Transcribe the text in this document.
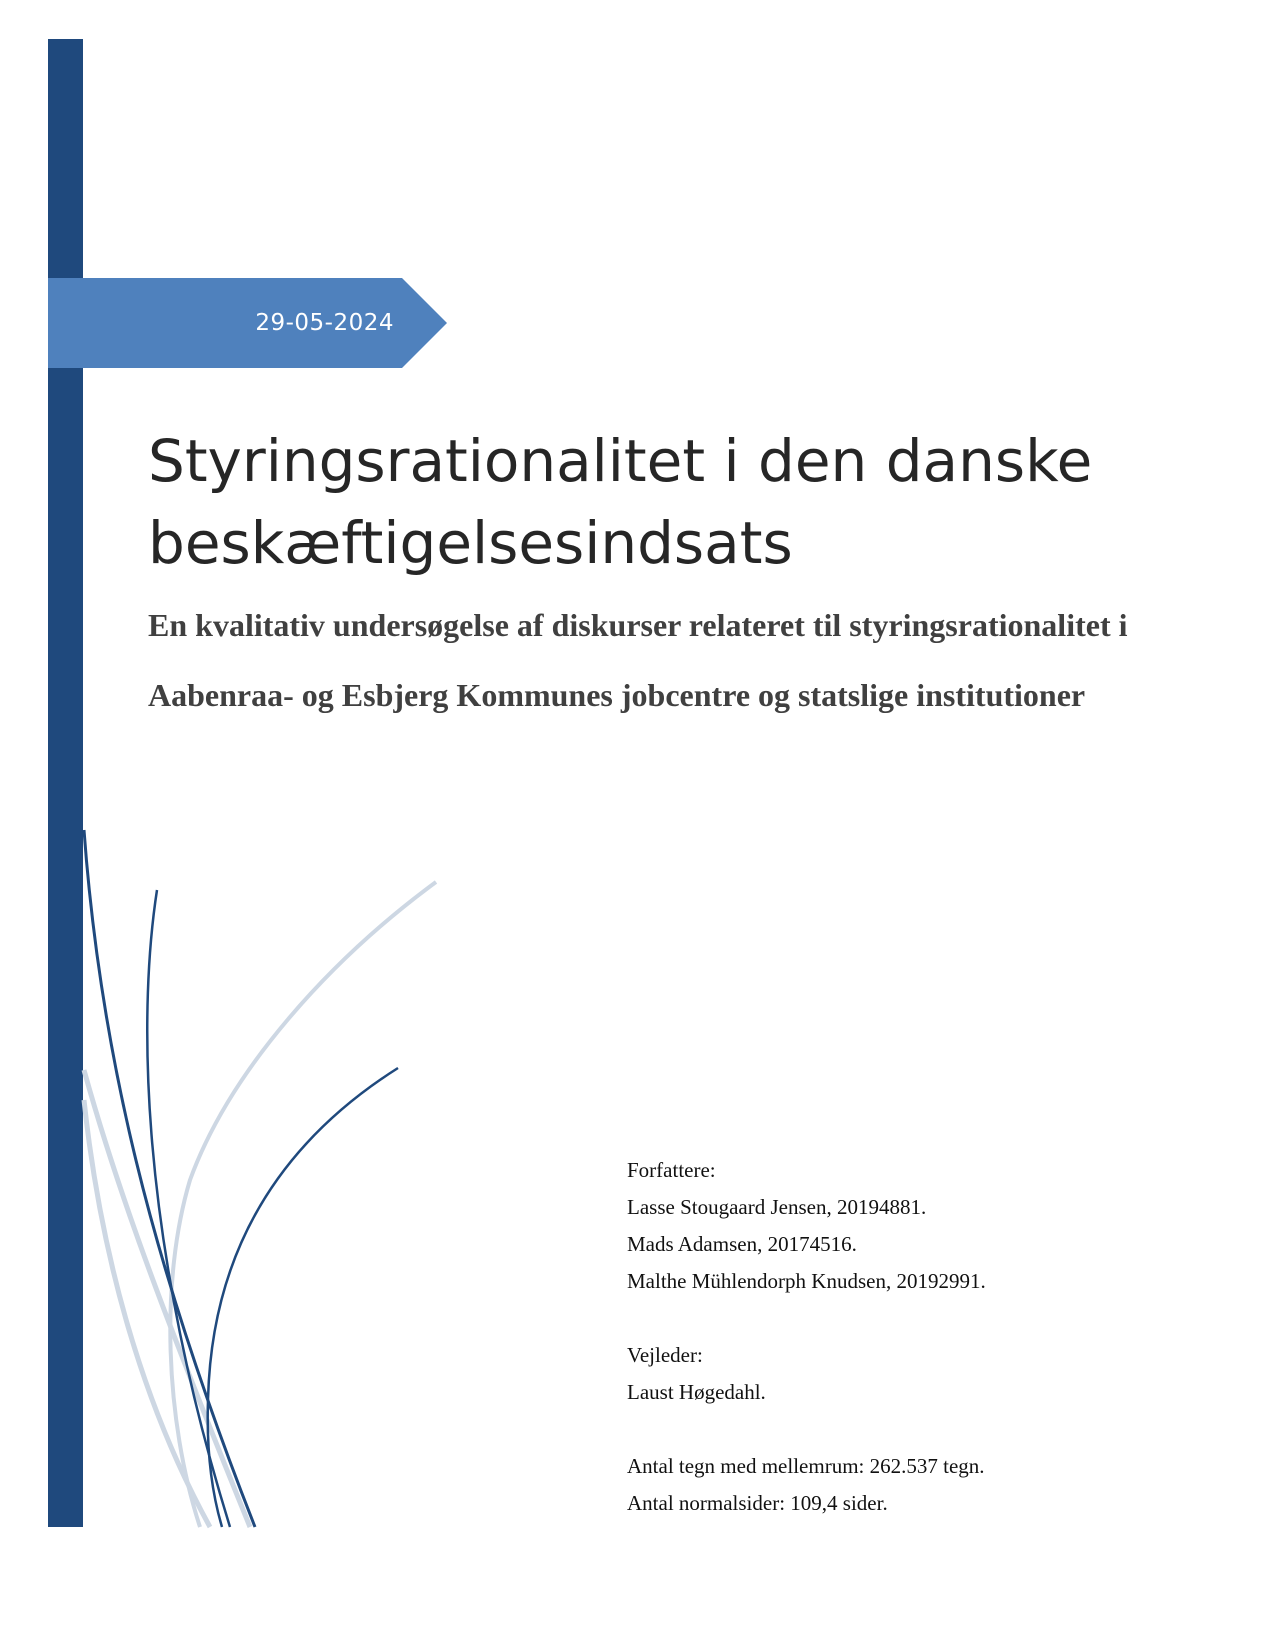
29-05-2024
Styringsrationalitet i den danske beskæftigelsesindsats

En kvalitativ undersøgelse af diskurser relateret til styringsrationalitet i Aabenraa- og Esbjerg Kommunes jobcentre og statslige institutioner

Forfattere:
Lasse Stougaard Jensen, 20194881.
Mads Adamsen, 20174516.
Malthe Mühlendorph Knudsen, 20192991.
Vejleder:
Laust Høgedahl.
Antal tegn med mellemrum: 262.537 tegn.
Antal normalsider: 109,4 sider.
